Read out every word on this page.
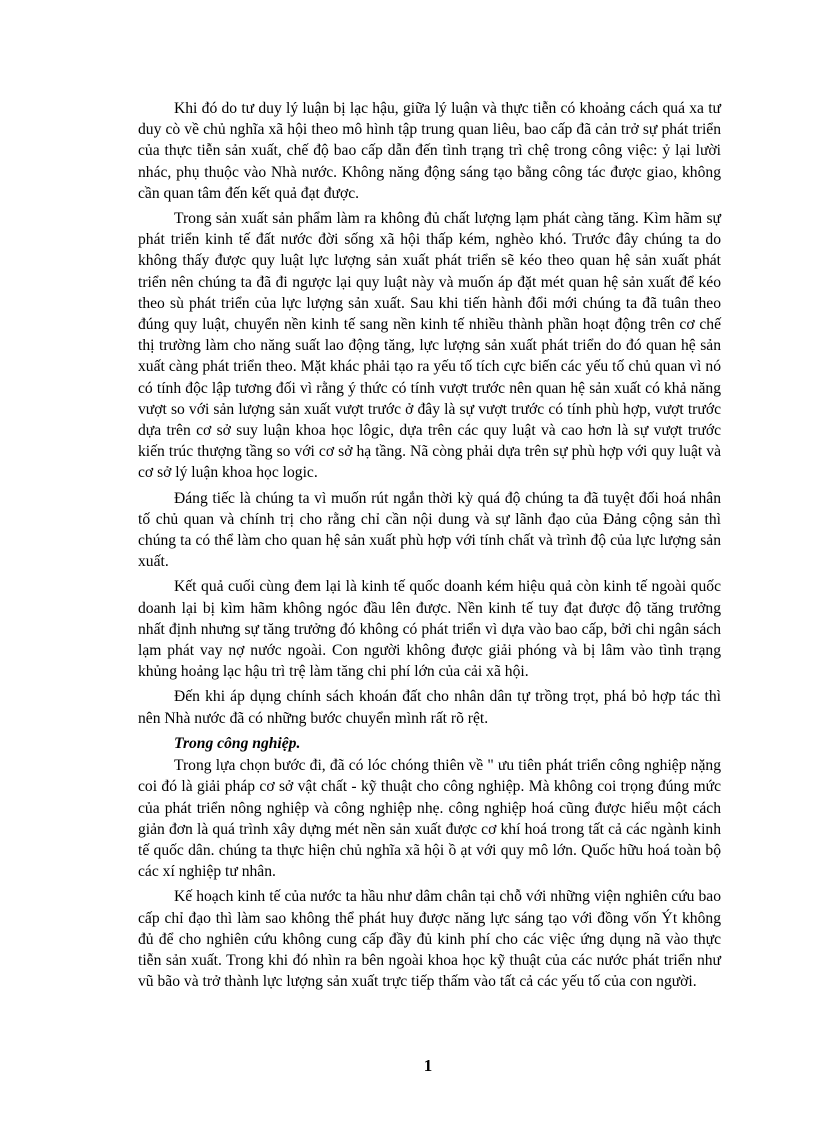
Khi đó do tư duy lý luận bị lạc hậu, giữa lý luận và thực tiễn có khoảng cách quá xa tư duy cò về chủ nghĩa xã hội theo mô hình tập trung quan liêu, bao cấp đã cản trở sự phát triển của thực tiễn sản xuất, chế độ bao cấp dẫn đến tình trạng trì chệ trong công việc: ỷ lại lười nhác, phụ thuộc vào Nhà nước. Không năng động sáng tạo bằng công tác được giao, không cần quan tâm đến kết quả đạt được.

Trong sản xuất sản phẩm làm ra không đủ chất lượng lạm phát càng tăng. Kìm hãm sự phát triển kinh tế đất nước đời sống xã hội thấp kém, nghèo khó. Trước đây chúng ta do không thấy được quy luật lực lượng sản xuất phát triển sẽ kéo theo quan hệ sản xuất phát triển nên chúng ta đã đi ngược lại quy luật này và muốn áp đặt mét quan hệ sản xuất để kéo theo sù phát triển của lực lượng sản xuất. Sau khi tiến hành đổi mới chúng ta đã tuân theo đúng quy luật, chuyển nền kinh tế sang nền kinh tế nhiều thành phần hoạt động trên cơ chế thị trường làm cho năng suất lao động tăng, lực lượng sản xuất phát triển do đó quan hệ sản xuất càng phát triển theo. Mặt khác phải tạo ra yếu tố tích cực biến các yếu tố chủ quan vì nó có tính độc lập tương đối vì rằng ý thức có tính vượt trước nên quan hệ sản xuất có khả năng vượt so với sản lượng sản xuất vượt trước ở đây là sự vượt trước có tính phù hợp, vượt trước dựa trên cơ sở suy luận khoa học lôgic, dựa trên các quy luật và cao hơn là sự vượt trước kiến trúc thượng tầng so với cơ sở hạ tầng. Nã còng phải dựa trên sự phù hợp với quy luật và cơ sở lý luận khoa học logic.

Đáng tiếc là chúng ta vì muốn rút ngắn thời kỳ quá độ chúng ta đã tuyệt đối hoá nhân tố chủ quan và chính trị cho rằng chỉ cần nội dung và sự lãnh đạo của Đảng cộng sản thì chúng ta có thể làm cho quan hệ sản xuất phù hợp với tính chất và trình độ của lực lượng sản xuất.

Kết quả cuối cùng đem lại là kinh tế quốc doanh kém hiệu quả còn kinh tế ngoài quốc doanh lại bị kìm hãm không ngóc đầu lên được. Nền kinh tế tuy đạt được độ tăng trưởng nhất định nhưng sự tăng trưởng đó không có phát triển vì dựa vào bao cấp, bởi chi ngân sách lạm phát vay nợ nước ngoài. Con người không được giải phóng và bị lâm vào tình trạng khủng hoảng lạc hậu trì trệ làm tăng chi phí lớn của cải xã hội.

Đến khi áp dụng chính sách khoán đất cho nhân dân tự trồng trọt, phá bỏ hợp tác thì nên Nhà nước đã có những bước chuyển mình rất rõ rệt.

Trong công nghiệp.

Trong lựa chọn bước đi, đã có lóc chóng thiên về " ưu tiên phát triển công nghiệp nặng coi đó là giải pháp cơ sở vật chất - kỹ thuật cho công nghiệp. Mà không coi trọng đúng mức của phát triển nông nghiệp và công nghiệp nhẹ. công nghiệp hoá cũng được hiểu một cách giản đơn là quá trình xây dựng mét nền sản xuất được cơ khí hoá trong tất cả các ngành kinh tế quốc dân. chúng ta thực hiện chủ nghĩa xã hội ồ ạt với quy mô lớn. Quốc hữu hoá toàn bộ các xí nghiệp tư nhân.

Kế hoạch kinh tế của nước ta hầu như dâm chân tại chỗ với những viện nghiên cứu bao cấp chỉ đạo thì làm sao không thể phát huy được năng lực sáng tạo với đồng vốn Ýt không đủ để cho nghiên cứu không cung cấp đầy đủ kinh phí cho các việc ứng dụng nã vào thực tiễn sản xuất. Trong khi đó nhìn ra bên ngoài khoa học kỹ thuật của các nước phát triển như vũ bão và trở thành lực lượng sản xuất trực tiếp thấm vào tất cả các yếu tố của con người.

1
